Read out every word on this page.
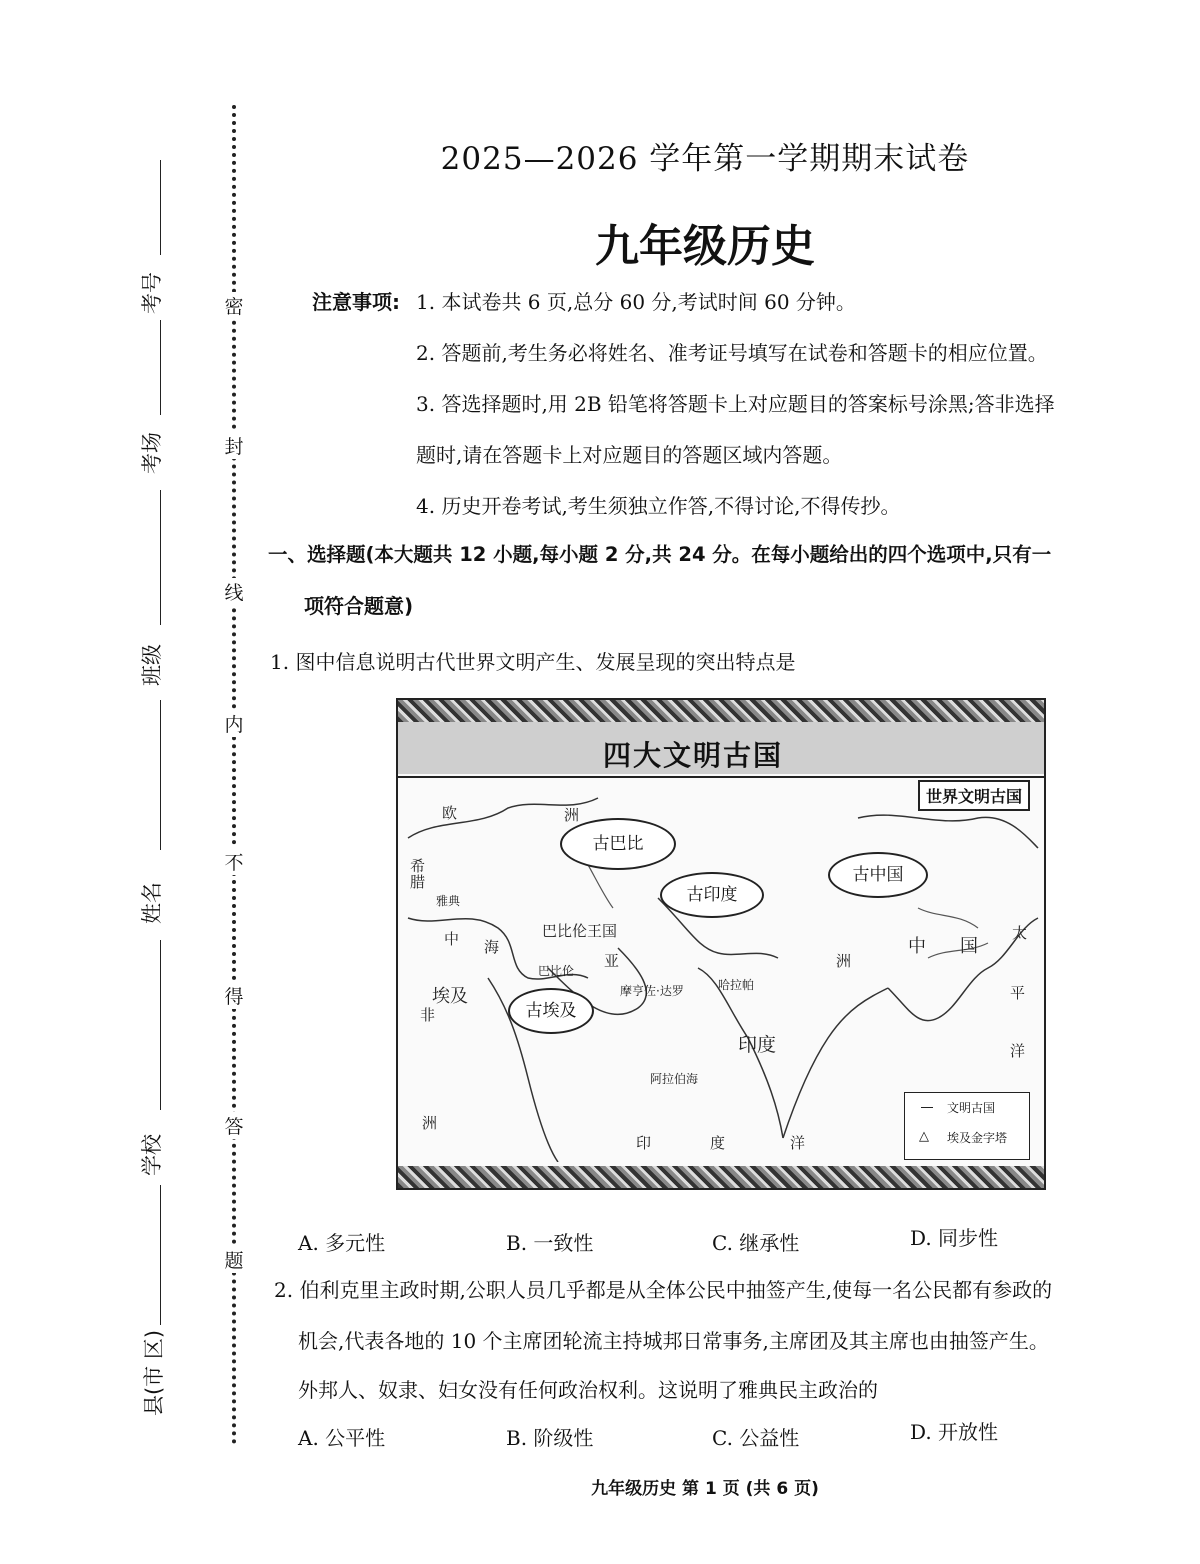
考号
考场
班级
姓名
学校
县(市 区)
密
封
线
内
不
得
答
题
2025—2026 学年第一学期期末试卷
九年级历史
注意事项: 1. 本试卷共 6 页,总分 60 分,考试时间 60 分钟。
2. 答题前,考生务必将姓名、准考证号填写在试卷和答题卡的相应位置。
3. 答选择题时,用 2B 铅笔将答题卡上对应题目的答案标号涂黑;答非选择
题时,请在答题卡上对应题目的答题区域内答题。
4. 历史开卷考试,考生须独立作答,不得讨论,不得传抄。
一、选择题(本大题共 12 小题,每小题 2 分,共 24 分。在每小题给出的四个选项中,只有一
项符合题意)
1. 图中信息说明古代世界文明产生、发展呈现的突出特点是
四大文明古国
世界文明古国
古巴比
古印度
古中国
古埃及
欧	洲
希腊
雅典
中 海
埃及
非
巴比伦王国
巴比伦
亚
摩亨佐·达罗	哈拉帕
印度
阿拉伯海
印	度	洋
中 国
洲
太
平
洋
洲
文明古国
△ 埃及金字塔
A. 多元性	B. 一致性	C. 继承性	D. 同步性
2. 伯利克里主政时期,公职人员几乎都是从全体公民中抽签产生,使每一名公民都有参政的
机会,代表各地的 10 个主席团轮流主持城邦日常事务,主席团及其主席也由抽签产生。
外邦人、奴隶、妇女没有任何政治权利。这说明了雅典民主政治的
A. 公平性	B. 阶级性	C. 公益性	D. 开放性
九年级历史 第 1 页 (共 6 页)
